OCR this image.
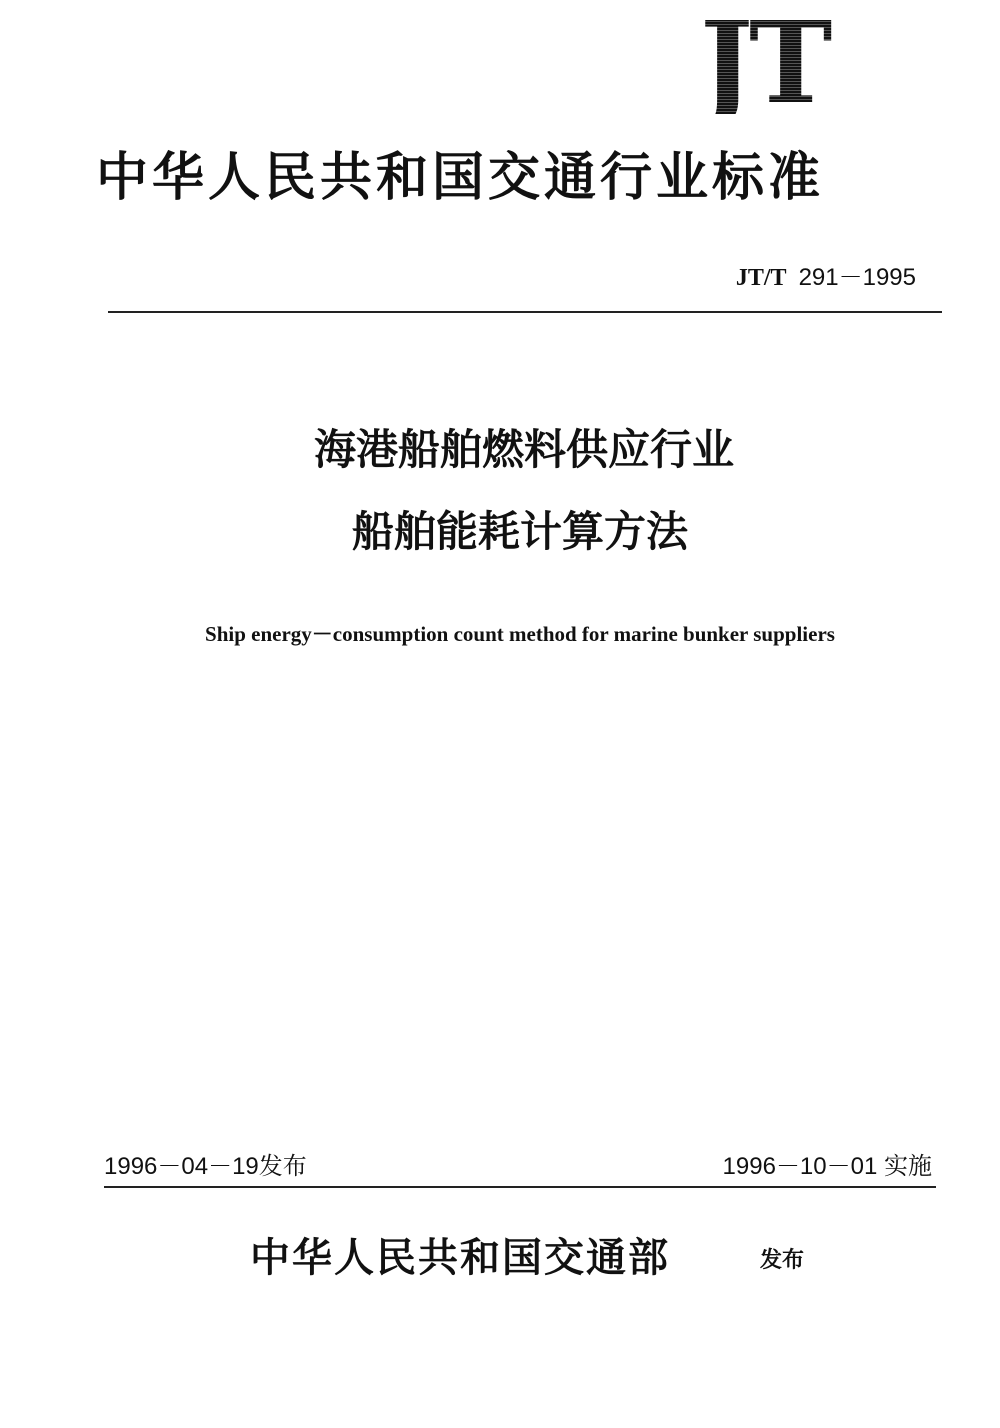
JT
中华人民共和国交通行业标准
JT/T 291－1995
海港船舶燃料供应行业
船舶能耗计算方法
Ship energy－consumption count method for marine bunker suppliers
1996－04－19发布	1996－10－01 实施
中华人民共和国交通部	发布
